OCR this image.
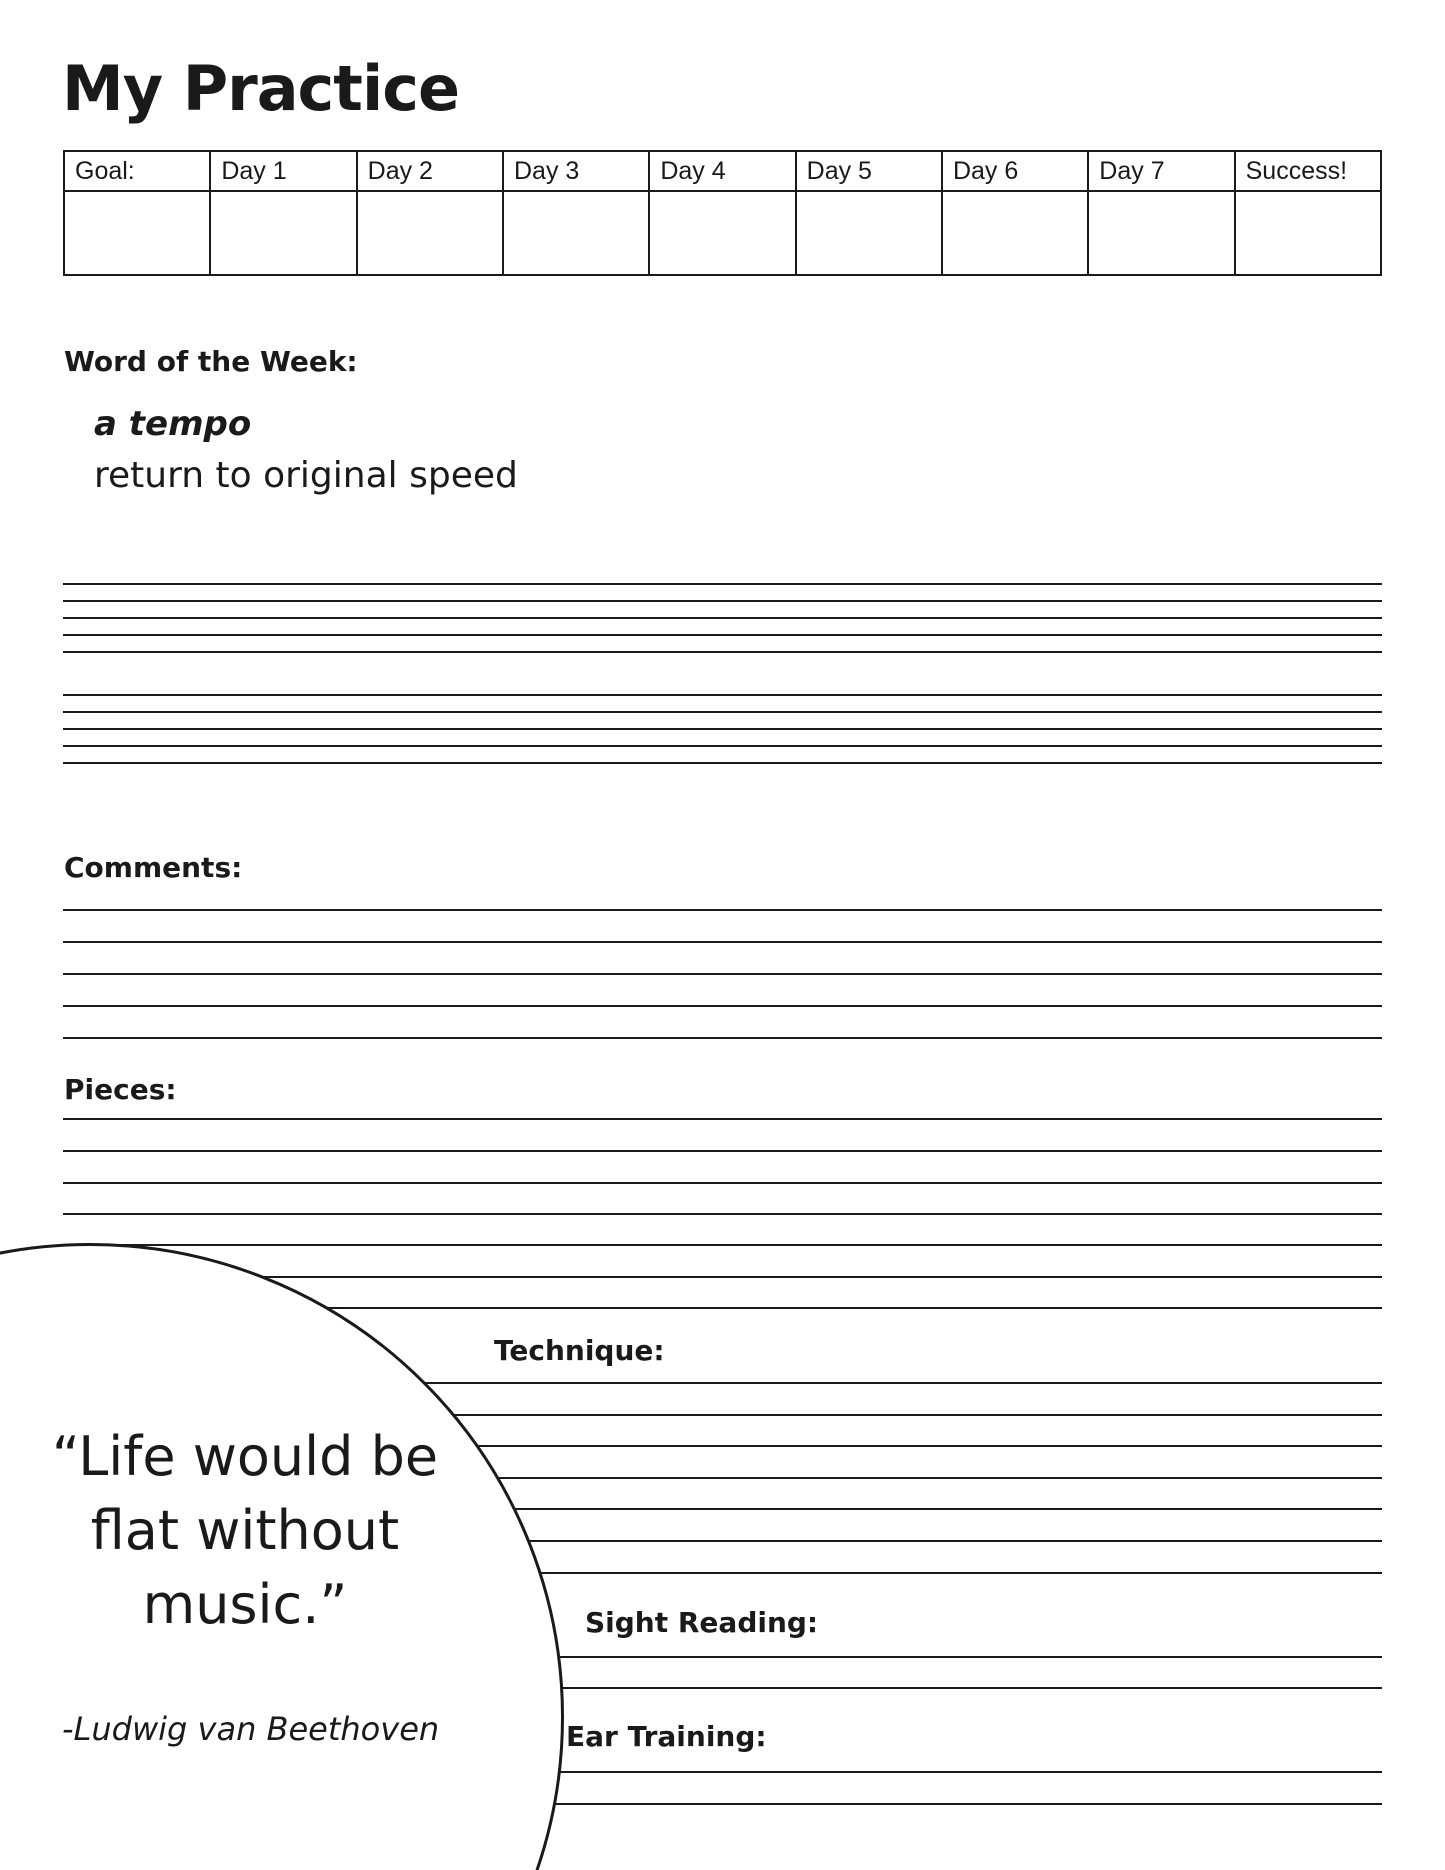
My Practice
Goal:	Day 1	Day 2	Day 3	Day 4	Day 5	Day 6	Day 7	Success!

Word of the Week:
a tempo
return to original speed
Comments:
Pieces:
“Life would be flat without music.”
-Ludwig van Beethoven
Technique:
Sight Reading:
Ear Training:
